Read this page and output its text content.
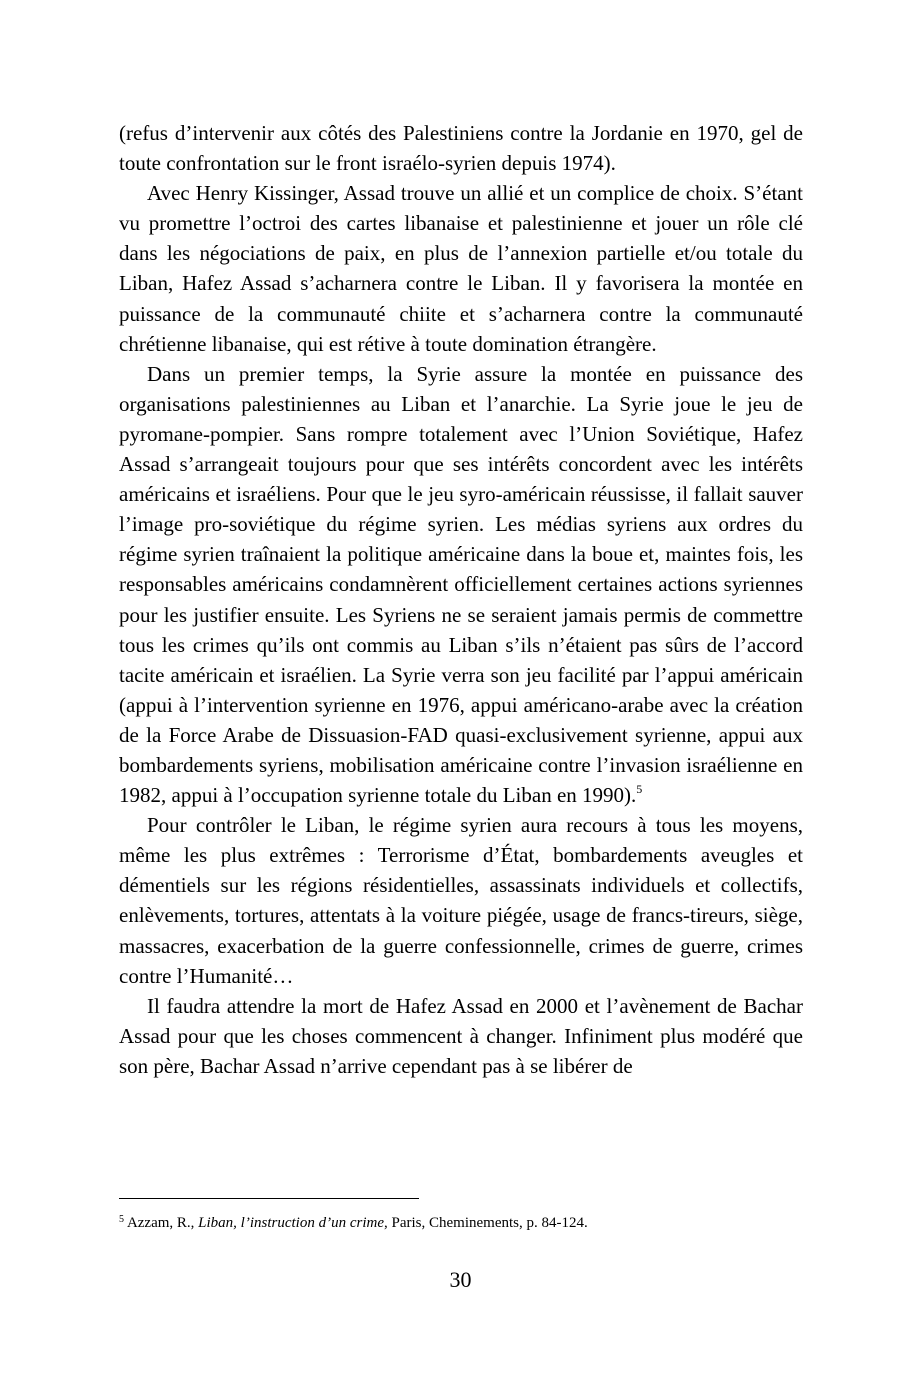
(refus d’intervenir aux côtés des Palestiniens contre la Jordanie en 1970, gel de toute confrontation sur le front israélo-syrien depuis 1974).

Avec Henry Kissinger, Assad trouve un allié et un complice de choix. S’étant vu promettre l’octroi des cartes libanaise et palestinienne et jouer un rôle clé dans les négociations de paix, en plus de l’annexion partielle et/ou totale du Liban, Hafez Assad s’acharnera contre le Liban. Il y favorisera la montée en puissance de la communauté chiite et s’acharnera contre la communauté chrétienne libanaise, qui est rétive à toute domination étrangère.

Dans un premier temps, la Syrie assure la montée en puissance des organisations palestiniennes au Liban et l’anarchie. La Syrie joue le jeu de pyromane-pompier. Sans rompre totalement avec l’Union Soviétique, Hafez Assad s’arrangeait toujours pour que ses intérêts concordent avec les intérêts américains et israéliens. Pour que le jeu syro-américain réussisse, il fallait sauver l’image pro-soviétique du régime syrien. Les médias syriens aux ordres du régime syrien traînaient la politique américaine dans la boue et, maintes fois, les responsables américains condamnèrent officiellement certaines actions syriennes pour les justifier ensuite. Les Syriens ne se seraient jamais permis de commettre tous les crimes qu’ils ont commis au Liban s’ils n’étaient pas sûrs de l’accord tacite américain et israélien. La Syrie verra son jeu facilité par l’appui américain (appui à l’intervention syrienne en 1976, appui américano-arabe avec la création de la Force Arabe de Dissuasion-FAD quasi-exclusivement syrienne, appui aux bombardements syriens, mobilisation américaine contre l’invasion israélienne en 1982, appui à l’occupation syrienne totale du Liban en 1990).$^5$

Pour contrôler le Liban, le régime syrien aura recours à tous les moyens, même les plus extrêmes : Terrorisme d’État, bombardements aveugles et démentiels sur les régions résidentielles, assassinats individuels et collectifs, enlèvements, tortures, attentats à la voiture piégée, usage de francs-tireurs, siège, massacres, exacerbation de la guerre confessionnelle, crimes de guerre, crimes contre l’Humanité…

Il faudra attendre la mort de Hafez Assad en 2000 et l’avènement de Bachar Assad pour que les choses commencent à changer. Infiniment plus modéré que son père, Bachar Assad n’arrive cependant pas à se libérer de

$^5$ Azzam, R., Liban, l’instruction d’un crime, Paris, Cheminements, p. 84-124.
30
